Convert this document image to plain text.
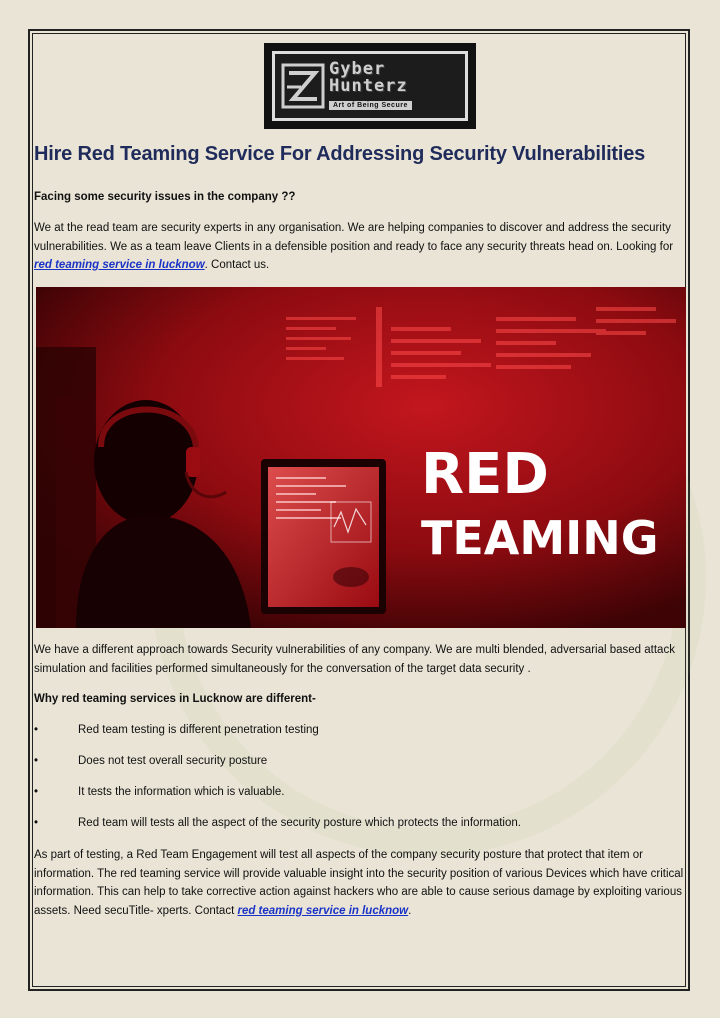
Gyber
Hunterz
Art of Being Secure
Hire Red Teaming Service For Addressing Security Vulnerabilities

Facing some security issues in the company ??

We at the read team are security experts in any organisation. We are helping companies to discover and address the security vulnerabilities. We as a team leave Clients in a defensible position and ready to face any security threats head on. Looking for red teaming service in lucknow. Contact us.

RED
TEAMING

We have a different approach towards Security vulnerabilities of any company. We are multi blended, adversarial based attack simulation and facilities performed simultaneously for the conversation of the target data security .

Why red teaming services in Lucknow are different-

•	Red team testing is different penetration testing

•	Does not test overall security posture

•	It tests the information which is valuable.

•	Red team will tests all the aspect of the security posture which protects the information.

As part of testing, a Red Team Engagement will test all aspects of the company security posture that protect that item or information. The red teaming service will provide valuable insight into the security position of various Devices which have critical information. This can help to take corrective action against hackers who are able to cause serious damage by exploiting various assets. Need secuTitle- xperts. Contact red teaming service in lucknow.
